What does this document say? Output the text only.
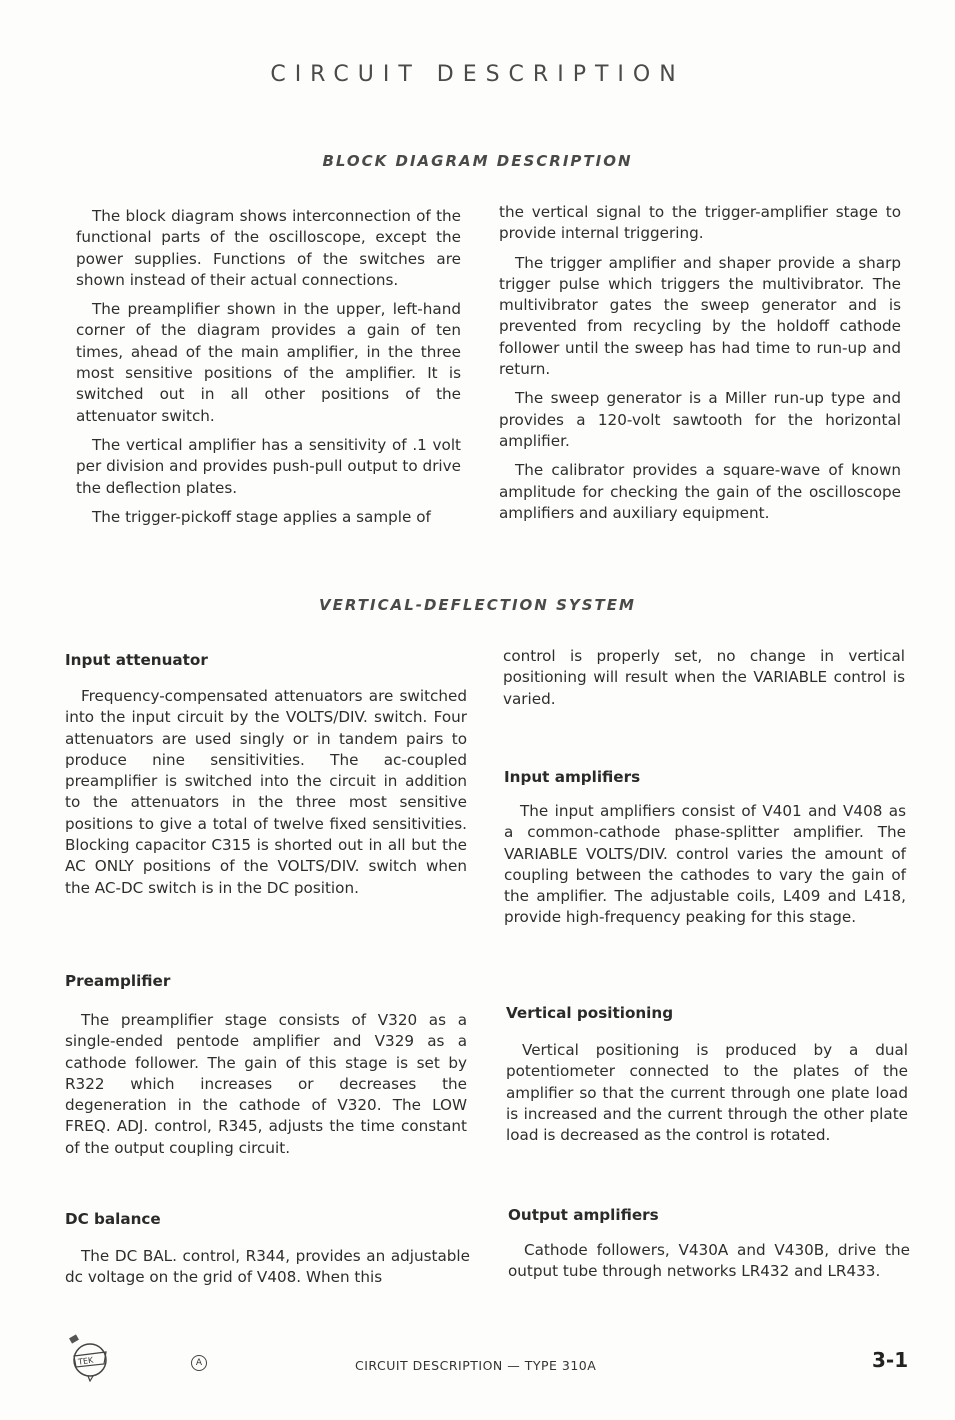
CIRCUIT DESCRIPTION
BLOCK DIAGRAM DESCRIPTION

The block diagram shows interconnection of the functional parts of the oscilloscope, except the power supplies. Functions of the switches are shown instead of their actual connections.

The preamplifier shown in the upper, left-hand corner of the diagram provides a gain of ten times, ahead of the main amplifier, in the three most sensitive positions of the amplifier. It is switched out in all other positions of the attenuator switch.

The vertical amplifier has a sensitivity of .1 volt per division and provides push-pull output to drive the deflection plates.

The trigger-pickoff stage applies a sample of

the vertical signal to the trigger-amplifier stage to provide internal triggering.

The trigger amplifier and shaper provide a sharp trigger pulse which triggers the multivibrator. The multivibrator gates the sweep generator and is prevented from recycling by the holdoff cathode follower until the sweep has had time to run-up and return.

The sweep generator is a Miller run-up type and provides a 120-volt sawtooth for the horizontal amplifier.

The calibrator provides a square-wave of known amplitude for checking the gain of the oscilloscope amplifiers and auxiliary equipment.

VERTICAL-DEFLECTION SYSTEM
Input attenuator

Frequency-compensated attenuators are switched into the input circuit by the VOLTS/DIV. switch. Four attenuators are used singly or in tandem pairs to produce nine sensitivities. The ac-coupled preamplifier is switched into the circuit in addition to the attenuators in the three most sensitive positions to give a total of twelve fixed sensitivities. Blocking capacitor C315 is shorted out in all but the AC ONLY positions of the VOLTS/DIV. switch when the AC-DC switch is in the DC position.

Preamplifier

The preamplifier stage consists of V320 as a single-ended pentode amplifier and V329 as a cathode follower. The gain of this stage is set by R322 which increases or decreases the degeneration in the cathode of V320. The LOW FREQ. ADJ. control, R345, adjusts the time constant of the output coupling circuit.

DC balance

The DC BAL. control, R344, provides an adjustable dc voltage on the grid of V408. When this

control is properly set, no change in vertical positioning will result when the VARIABLE control is varied.

Input amplifiers

The input amplifiers consist of V401 and V408 as a common-cathode phase-splitter amplifier. The VARIABLE VOLTS/DIV. control varies the amount of coupling between the cathodes to vary the gain of the amplifier. The adjustable coils, L409 and L418, provide high-frequency peaking for this stage.

Vertical positioning

Vertical positioning is produced by a dual potentiometer connected to the plates of the amplifier so that the current through one plate load is increased and the current through the other plate load is decreased as the control is rotated.

Output amplifiers

Cathode followers, V430A and V430B, drive the output tube through networks LR432 and LR433.

TEK	A	CIRCUIT DESCRIPTION — TYPE 310A	3-1
